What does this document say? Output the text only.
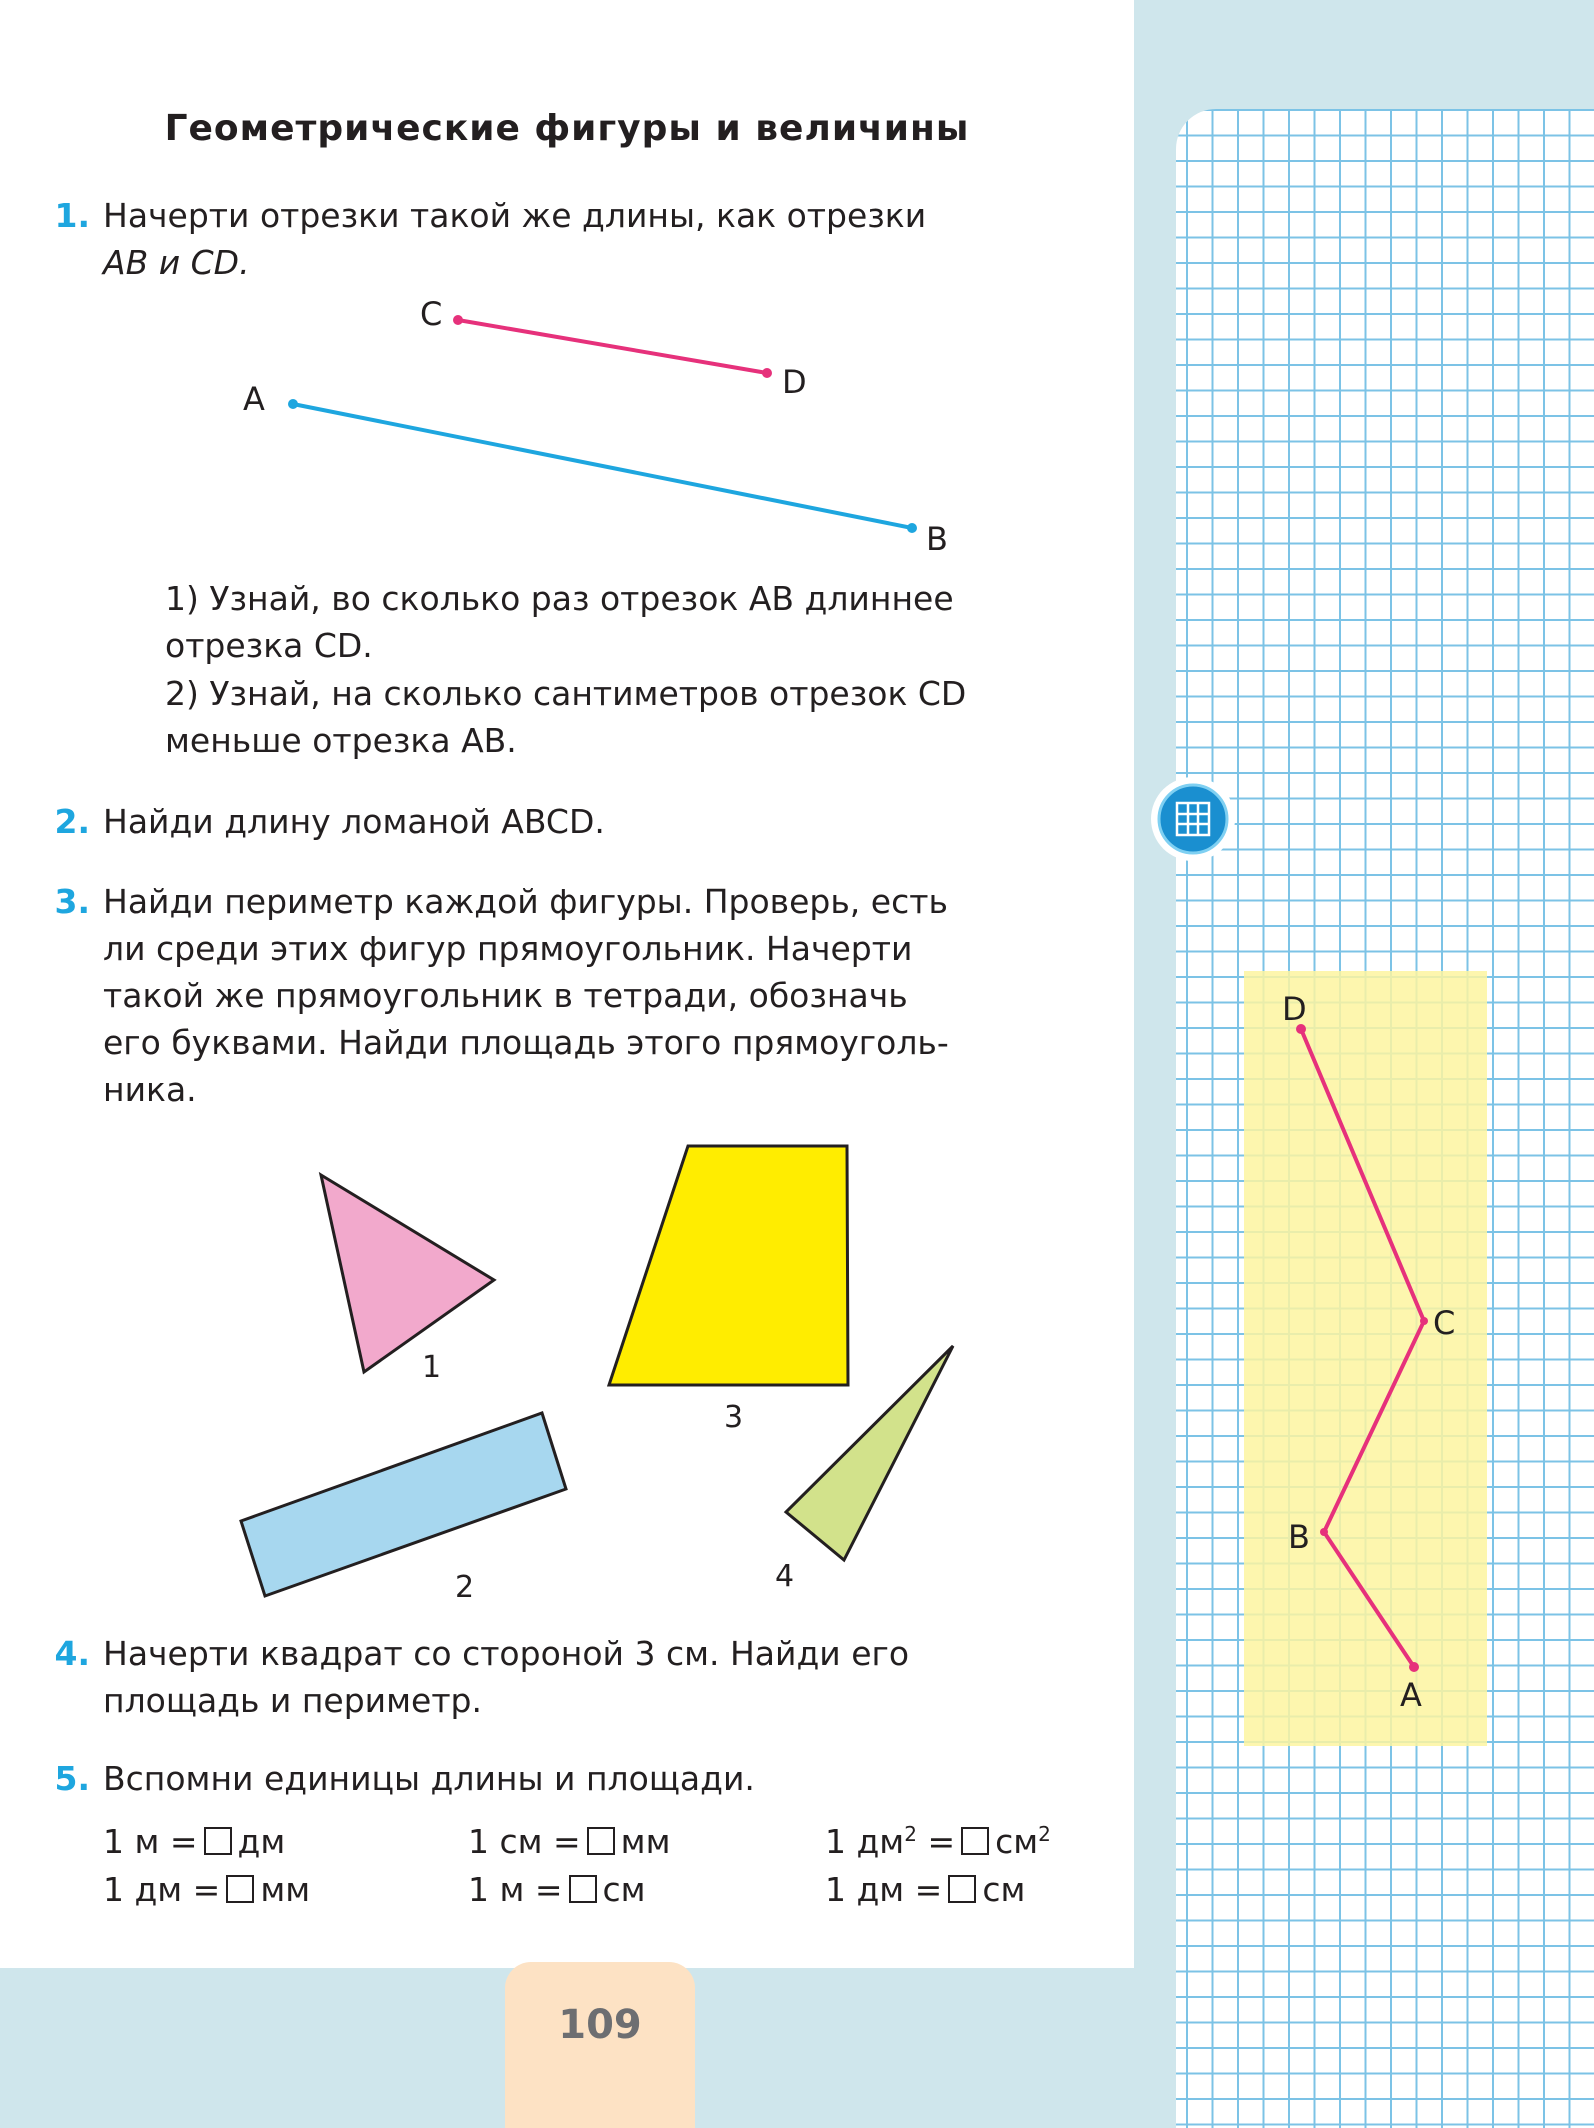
Геометрические фигуры и величины
1. Начерти отрезки такой же длины, как отрезки
AB и CD.
1) Узнай, во сколько раз отрезок AB длиннее
отрезка CD.
2) Узнай, на сколько сантиметров отрезок CD
меньше отрезка AB.
2. Найди длину ломаной ABCD.
3. Найди периметр каждой фигуры. Проверь, есть
ли среди этих фигур прямоугольник. Начерти
такой же прямоугольник в тетради, обозначь
его буквами. Найди площадь этого прямоуголь-
ника.
4. Начерти квадрат со стороной 3 см. Найди его
площадь и периметр.
5. Вспомни единицы длины и площади.
1 м = дм	1 см = мм	1 $дм^2 = см^2$
1 дм = мм	1 м = см	1 дм = см
C
D
A
B
1
3
2	4
109
D
C
B
A
